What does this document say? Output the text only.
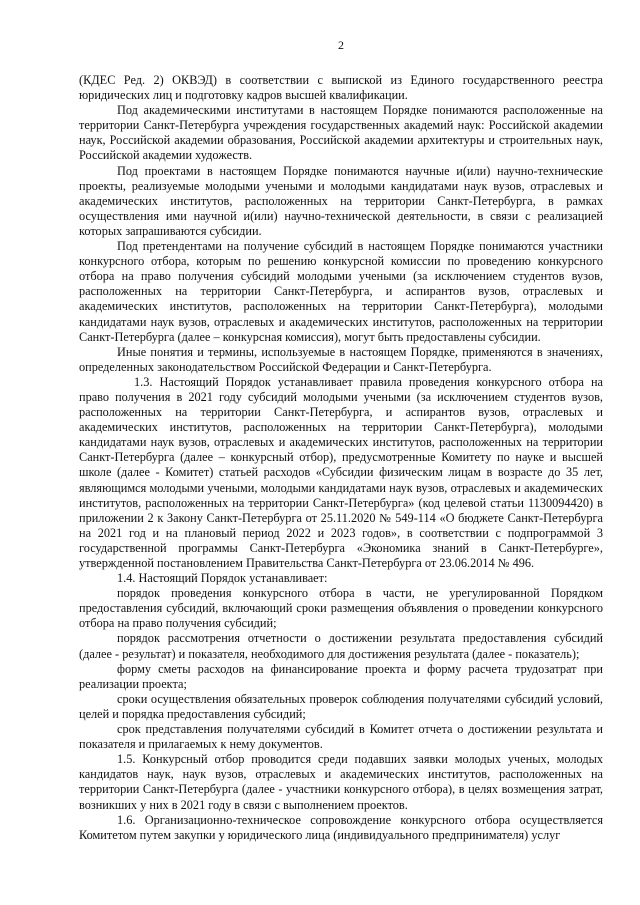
2

(КДЕС Ред. 2) ОКВЭД) в соответствии с выпиской из Единого государственного реестра юридических лиц и подготовку кадров высшей квалификации.

Под академическими институтами в настоящем Порядке понимаются расположенные на территории Санкт-Петербурга учреждения государственных академий наук: Российской академии наук, Российской академии образования, Российской академии архитектуры и строительных наук, Российской академии художеств.

Под проектами в настоящем Порядке понимаются научные и(или) научно-технические проекты, реализуемые молодыми учеными и молодыми кандидатами наук вузов, отраслевых и академических институтов, расположенных на территории Санкт-Петербурга, в рамках осуществления ими научной и(или) научно-технической деятельности, в связи с реализацией которых запрашиваются субсидии.

Под претендентами на получение субсидий в настоящем Порядке понимаются участники конкурсного отбора, которым по решению конкурсной комиссии по проведению конкурсного отбора на право получения субсидий молодыми учеными (за исключением студентов вузов, расположенных на территории Санкт-Петербурга, и аспирантов вузов, отраслевых и академических институтов, расположенных на территории Санкт-Петербурга), молодыми кандидатами наук вузов, отраслевых и академических институтов, расположенных на территории Санкт-Петербурга (далее – конкурсная комиссия), могут быть предоставлены субсидии.

Иные понятия и термины, используемые в настоящем Порядке, применяются в значениях, определенных законодательством Российской Федерации и Санкт-Петербурга.

1.3. Настоящий Порядок устанавливает правила проведения конкурсного отбора на право получения в 2021 году субсидий молодыми учеными (за исключением студентов вузов, расположенных на территории Санкт-Петербурга, и аспирантов вузов, отраслевых и академических институтов, расположенных на территории Санкт-Петербурга), молодыми кандидатами наук вузов, отраслевых и академических институтов, расположенных на территории Санкт-Петербурга (далее – конкурсный отбор), предусмотренные Комитету по науке и высшей школе (далее - Комитет) статьей расходов «Субсидии физическим лицам в возрасте до 35 лет, являющимся молодыми учеными, молодыми кандидатами наук вузов, отраслевых и академических институтов, расположенных на территории Санкт-Петербурга» (код целевой статьи 1130094420) в приложении 2 к Закону Санкт-Петербурга от 25.11.2020 № 549-114 «О бюджете Санкт-Петербурга на 2021 год и на плановый период 2022 и 2023 годов», в соответствии с подпрограммой 3 государственной программы Санкт-Петербурга «Экономика знаний в Санкт-Петербурге», утвержденной постановлением Правительства Санкт-Петербурга от 23.06.2014 № 496.

1.4. Настоящий Порядок устанавливает:

порядок проведения конкурсного отбора в части, не урегулированной Порядком предоставления субсидий, включающий сроки размещения объявления о проведении конкурсного отбора на право получения субсидий;

порядок рассмотрения отчетности о достижении результата предоставления субсидий (далее - результат) и показателя, необходимого для достижения результата (далее - показатель);

форму сметы расходов на финансирование проекта и форму расчета трудозатрат при реализации проекта;

сроки осуществления обязательных проверок соблюдения получателями субсидий условий, целей и порядка предоставления субсидий;

срок представления получателями субсидий в Комитет отчета о достижении результата и показателя и прилагаемых к нему документов.

1.5. Конкурсный отбор проводится среди подавших заявки молодых ученых, молодых кандидатов наук, наук вузов, отраслевых и академических институтов, расположенных на территории Санкт-Петербурга (далее - участники конкурсного отбора), в целях возмещения затрат, возникших у них в 2021 году в связи с выполнением проектов.

1.6. Организационно-техническое сопровождение конкурсного отбора осуществляется Комитетом путем закупки у юридического лица (индивидуального предпринимателя) услуг
